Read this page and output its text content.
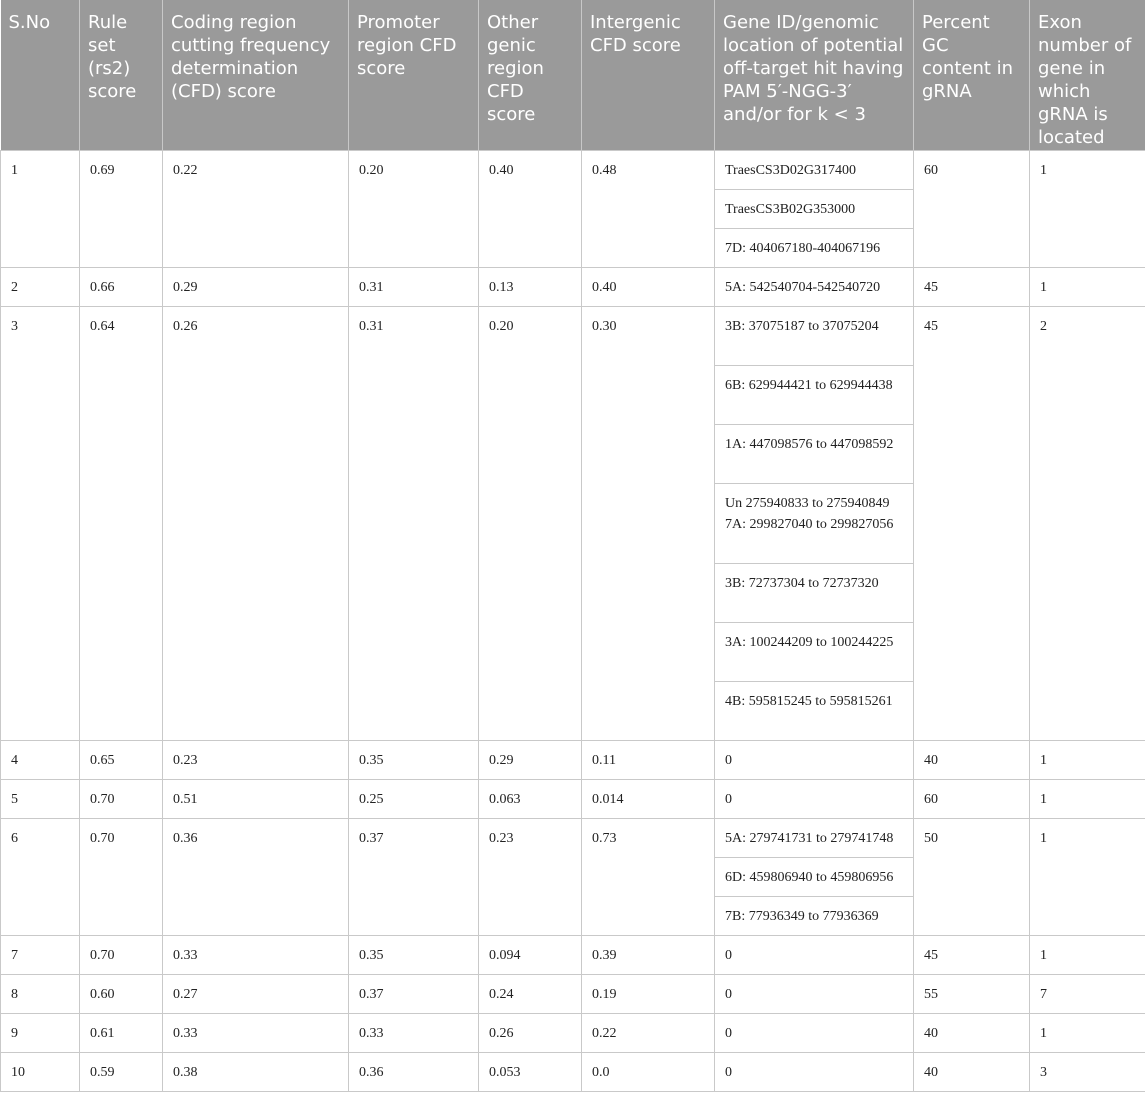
S.No	Rule set (rs2) score	Coding region cutting frequency determination (CFD) score	Promoter region CFD score	Other genic region CFD score	Intergenic CFD score	Gene ID/genomic location of potential off-target hit having PAM 5′-NGG-3′ and/or for k < 3	Percent GC content in gRNA	Exon number of gene in which gRNA is located
1	0.69	0.22	0.20	0.40	0.48	TraesCS3D02G317400	60	1
						TraesCS3B02G353000		
						7D: 404067180-404067196		
2	0.66	0.29	0.31	0.13	0.40	5A: 542540704-542540720	45	1
3	0.64	0.26	0.31	0.20	0.30	3B: 37075187 to 37075204	45	2
						6B: 629944421 to 629944438		
						1A: 447098576 to 447098592		
						Un 275940833 to 275940849 7A: 299827040 to 299827056		
						3B: 72737304 to 72737320		
						3A: 100244209 to 100244225		
						4B: 595815245 to 595815261		
4	0.65	0.23	0.35	0.29	0.11	0	40	1
5	0.70	0.51	0.25	0.063	0.014	0	60	1
6	0.70	0.36	0.37	0.23	0.73	5A: 279741731 to 279741748	50	1
						6D: 459806940 to 459806956		
						7B: 77936349 to 77936369		
7	0.70	0.33	0.35	0.094	0.39	0	45	1
8	0.60	0.27	0.37	0.24	0.19	0	55	7
9	0.61	0.33	0.33	0.26	0.22	0	40	1
10	0.59	0.38	0.36	0.053	0.0	0	40	3
